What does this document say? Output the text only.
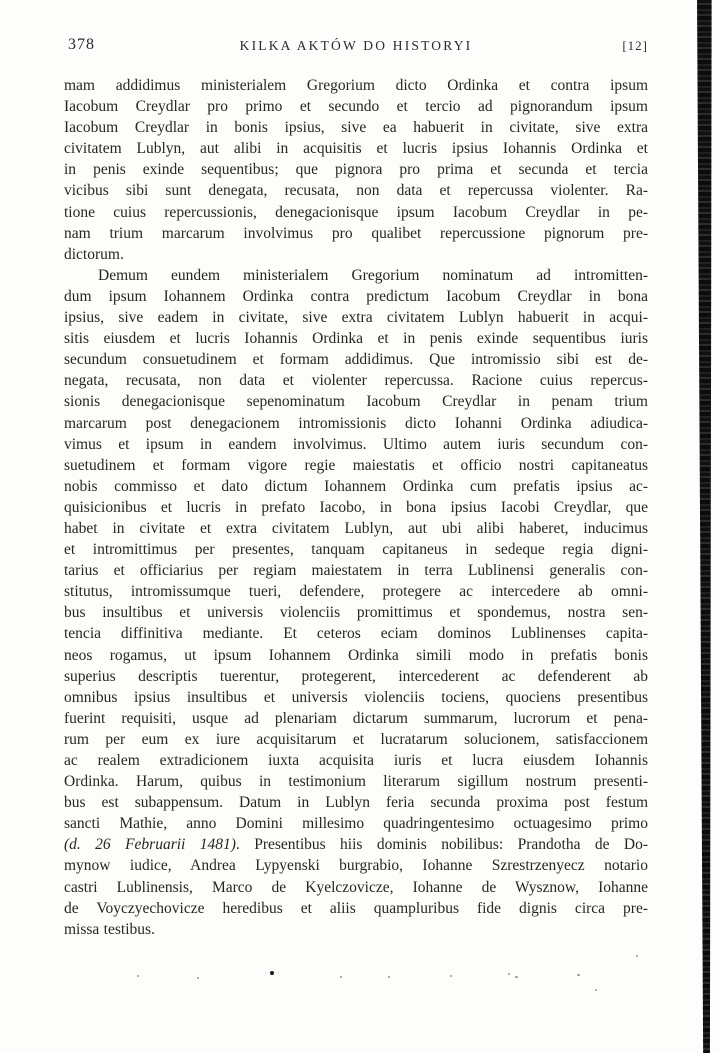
378	KILKA AKTÓW DO HISTORYI	[12]
mam addidimus ministerialem Gregorium dicto Ordinka et contra ipsum
Iacobum Creydlar pro primo et secundo et tercio ad pignorandum ipsum
Iacobum Creydlar in bonis ipsius, sive ea habuerit in civitate, sive extra
civitatem Lublyn, aut alibi in acquisitis et lucris ipsius Iohannis Ordinka et
in penis exinde sequentibus; que pignora pro prima et secunda et tercia
vicibus sibi sunt denegata, recusata, non data et repercussa violenter. Ra-
tione cuius repercussionis, denegacionisque ipsum Iacobum Creydlar in pe-
nam trium marcarum involvimus pro qualibet repercussione pignorum pre-
dictorum.
Demum eundem ministerialem Gregorium nominatum ad intromitten-
dum ipsum Iohannem Ordinka contra predictum Iacobum Creydlar in bona
ipsius, sive eadem in civitate, sive extra civitatem Lublyn habuerit in acqui-
sitis eiusdem et lucris Iohannis Ordinka et in penis exinde sequentibus iuris
secundum consuetudinem et formam addidimus. Que intromissio sibi est de-
negata, recusata, non data et violenter repercussa. Racione cuius repercus-
sionis denegacionisque sepenominatum Iacobum Creydlar in penam trium
marcarum post denegacionem intromissionis dicto Iohanni Ordinka adiudica-
vimus et ipsum in eandem involvimus. Ultimo autem iuris secundum con-
suetudinem et formam vigore regie maiestatis et officio nostri capitaneatus
nobis commisso et dato dictum Iohannem Ordinka cum prefatis ipsius ac-
quisicionibus et lucris in prefato Iacobo, in bona ipsius Iacobi Creydlar, que
habet in civitate et extra civitatem Lublyn, aut ubi alibi haberet, inducimus
et intromittimus per presentes, tanquam capitaneus in sedeque regia digni-
tarius et officiarius per regiam maiestatem in terra Lublinensi generalis con-
stitutus, intromissumque tueri, defendere, protegere ac intercedere ab omni-
bus insultibus et universis violenciis promittimus et spondemus, nostra sen-
tencia diffinitiva mediante. Et ceteros eciam dominos Lublinenses capita-
neos rogamus, ut ipsum Iohannem Ordinka simili modo in prefatis bonis
superius descriptis tuerentur, protegerent, intercederent ac defenderent ab
omnibus ipsius insultibus et universis violenciis tociens, quociens presentibus
fuerint requisiti, usque ad plenariam dictarum summarum, lucrorum et pena-
rum per eum ex iure acquisitarum et lucratarum solucionem, satisfaccionem
ac realem extradicionem iuxta acquisita iuris et lucra eiusdem Iohannis
Ordinka. Harum, quibus in testimonium literarum sigillum nostrum presenti-
bus est subappensum. Datum in Lublyn feria secunda proxima post festum
sancti Mathie, anno Domini millesimo quadringentesimo octuagesimo primo
(d. 26 Februarii 1481). Presentibus hiis dominis nobilibus: Prandotha de Do-
mynow iudice, Andrea Lypyenski burgrabio, Iohanne Szrestrzenyecz notario
castri Lublinensis, Marco de Kyelczovicze, Iohanne de Wysznow, Iohanne
de Voyczyechovicze heredibus et aliis quampluribus fide dignis circa pre-
missa testibus.
